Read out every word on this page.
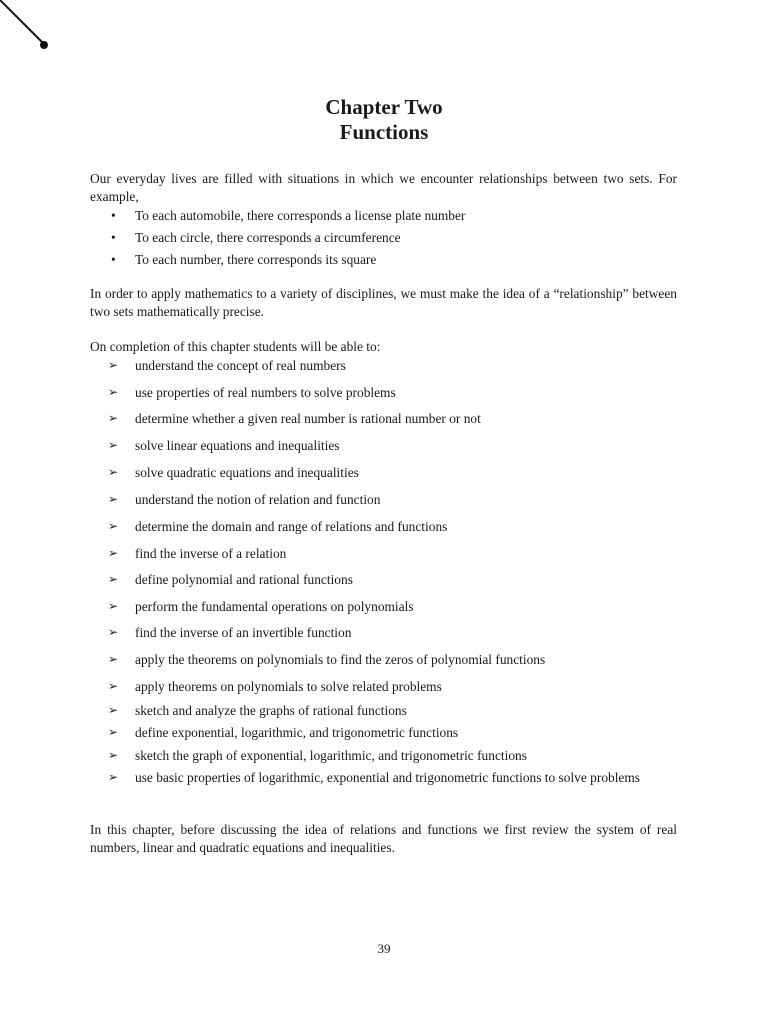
Chapter Two
Functions
Our everyday lives are filled with situations in which we encounter relationships between two sets. For example,
• To each automobile, there corresponds a license plate number
• To each circle, there corresponds a circumference
• To each number, there corresponds its square
In order to apply mathematics to a variety of disciplines, we must make the idea of a “relationship” between two sets mathematically precise.
On completion of this chapter students will be able to:
➢ understand the concept of real numbers
➢ use properties of real numbers to solve problems
➢ determine whether a given real number is rational number or not
➢ solve linear equations and inequalities
➢ solve quadratic equations and inequalities
➢ understand the notion of relation and function
➢ determine the domain and range of relations and functions
➢ find the inverse of a relation
➢ define polynomial and rational functions
➢ perform the fundamental operations on polynomials
➢ find the inverse of an invertible function
➢ apply the theorems on polynomials to find the zeros of polynomial functions
➢ apply theorems on polynomials to solve related problems
➢ sketch and analyze the graphs of rational functions
➢ define exponential, logarithmic, and trigonometric functions
➢ sketch the graph of exponential, logarithmic, and trigonometric functions
➢ use basic properties of logarithmic, exponential and trigonometric functions to solve problems
In this chapter, before discussing the idea of relations and functions we first review the system of real numbers, linear and quadratic equations and inequalities.
39
